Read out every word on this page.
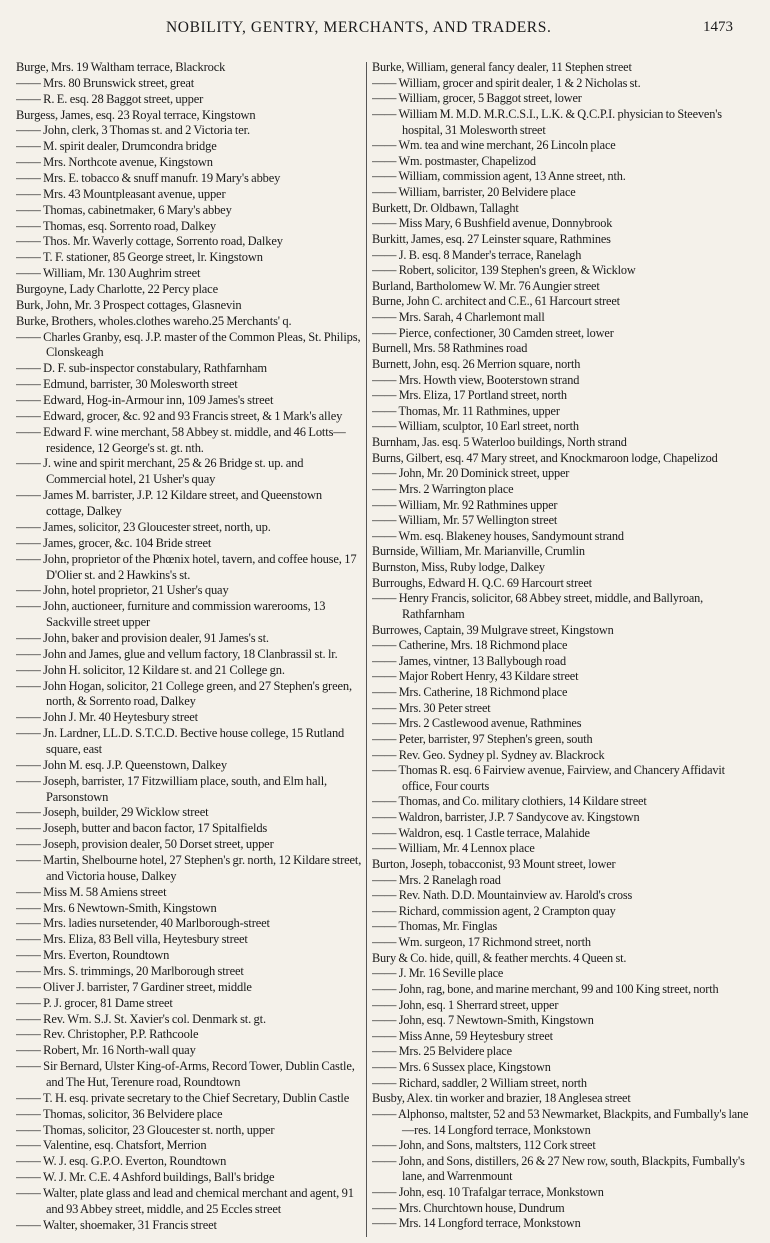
NOBILITY, GENTRY, MERCHANTS, AND TRADERS.	1473
Burge, Mrs. 19 Waltham terrace, Blackrock
—— Mrs. 80 Brunswick street, great
—— R. E. esq. 28 Baggot street, upper
Burgess, James, esq. 23 Royal terrace, Kingstown
—— John, clerk, 3 Thomas st. and 2 Victoria ter.
—— M. spirit dealer, Drumcondra bridge
—— Mrs. Northcote avenue, Kingstown
—— Mrs. E. tobacco & snuff manufr. 19 Mary's abbey
—— Mrs. 43 Mountpleasant avenue, upper
—— Thomas, cabinetmaker, 6 Mary's abbey
—— Thomas, esq. Sorrento road, Dalkey
—— Thos. Mr. Waverly cottage, Sorrento road, Dalkey
—— T. F. stationer, 85 George street, lr. Kingstown
—— William, Mr. 130 Aughrim street
Burgoyne, Lady Charlotte, 22 Percy place
Burk, John, Mr. 3 Prospect cottages, Glasnevin
Burke, Brothers, wholes.clothes wareho.25 Merchants' q.
—— Charles Granby, esq. J.P. master of the Common Pleas, St. Philips, Clonskeagh
—— D. F. sub-inspector constabulary, Rathfarnham
—— Edmund, barrister, 30 Molesworth street
—— Edward, Hog-in-Armour inn, 109 James's street
—— Edward, grocer, &c. 92 and 93 Francis street, & 1 Mark's alley
—— Edward F. wine merchant, 58 Abbey st. middle, and 46 Lotts—residence, 12 George's st. gt. nth.
—— J. wine and spirit merchant, 25 & 26 Bridge st. up. and Commercial hotel, 21 Usher's quay
—— James M. barrister, J.P. 12 Kildare street, and Queenstown cottage, Dalkey
—— James, solicitor, 23 Gloucester street, north, up.
—— James, grocer, &c. 104 Bride street
—— John, proprietor of the Phœnix hotel, tavern, and coffee house, 17 D'Olier st. and 2 Hawkins's st.
—— John, hotel proprietor, 21 Usher's quay
—— John, auctioneer, furniture and commission warerooms, 13 Sackville street upper
—— John, baker and provision dealer, 91 James's st.
—— John and James, glue and vellum factory, 18 Clanbrassil st. lr.
—— John H. solicitor, 12 Kildare st. and 21 College gn.
—— John Hogan, solicitor, 21 College green, and 27 Stephen's green, north, & Sorrento road, Dalkey
—— John J. Mr. 40 Heytesbury street
—— Jn. Lardner, LL.D. S.T.C.D. Bective house college, 15 Rutland square, east
—— John M. esq. J.P. Queenstown, Dalkey
—— Joseph, barrister, 17 Fitzwilliam place, south, and Elm hall, Parsonstown
—— Joseph, builder, 29 Wicklow street
—— Joseph, butter and bacon factor, 17 Spitalfields
—— Joseph, provision dealer, 50 Dorset street, upper
—— Martin, Shelbourne hotel, 27 Stephen's gr. north, 12 Kildare street, and Victoria house, Dalkey
—— Miss M. 58 Amiens street
—— Mrs. 6 Newtown-Smith, Kingstown
—— Mrs. ladies nursetender, 40 Marlborough-street
—— Mrs. Eliza, 83 Bell villa, Heytesbury street
—— Mrs. Everton, Roundtown
—— Mrs. S. trimmings, 20 Marlborough street
—— Oliver J. barrister, 7 Gardiner street, middle
—— P. J. grocer, 81 Dame street
—— Rev. Wm. S.J. St. Xavier's col. Denmark st. gt.
—— Rev. Christopher, P.P. Rathcoole
—— Robert, Mr. 16 North-wall quay
—— Sir Bernard, Ulster King-of-Arms, Record Tower, Dublin Castle, and The Hut, Terenure road, Roundtown
—— T. H. esq. private secretary to the Chief Secretary, Dublin Castle
—— Thomas, solicitor, 36 Belvidere place
—— Thomas, solicitor, 23 Gloucester st. north, upper
—— Valentine, esq. Chatsfort, Merrion
—— W. J. esq. G.P.O. Everton, Roundtown
—— W. J. Mr. C.E. 4 Ashford buildings, Ball's bridge
—— Walter, plate glass and lead and chemical merchant and agent, 91 and 93 Abbey street, middle, and 25 Eccles street
—— Walter, shoemaker, 31 Francis street
Burke, William, general fancy dealer, 11 Stephen street
—— William, grocer and spirit dealer, 1 & 2 Nicholas st.
—— William, grocer, 5 Baggot street, lower
—— William M. M.D. M.R.C.S.I., L.K. & Q.C.P.I. physician to Steeven's hospital, 31 Molesworth street
—— Wm. tea and wine merchant, 26 Lincoln place
—— Wm. postmaster, Chapelizod
—— William, commission agent, 13 Anne street, nth.
—— William, barrister, 20 Belvidere place
Burkett, Dr. Oldbawn, Tallaght
—— Miss Mary, 6 Bushfield avenue, Donnybrook
Burkitt, James, esq. 27 Leinster square, Rathmines
—— J. B. esq. 8 Mander's terrace, Ranelagh
—— Robert, solicitor, 139 Stephen's green, & Wicklow
Burland, Bartholomew W. Mr. 76 Aungier street
Burne, John C. architect and C.E., 61 Harcourt street
—— Mrs. Sarah, 4 Charlemont mall
—— Pierce, confectioner, 30 Camden street, lower
Burnell, Mrs. 58 Rathmines road
Burnett, John, esq. 26 Merrion square, north
—— Mrs. Howth view, Booterstown strand
—— Mrs. Eliza, 17 Portland street, north
—— Thomas, Mr. 11 Rathmines, upper
—— William, sculptor, 10 Earl street, north
Burnham, Jas. esq. 5 Waterloo buildings, North strand
Burns, Gilbert, esq. 47 Mary street, and Knockmaroon lodge, Chapelizod
—— John, Mr. 20 Dominick street, upper
—— Mrs. 2 Warrington place
—— William, Mr. 92 Rathmines upper
—— William, Mr. 57 Wellington street
—— Wm. esq. Blakeney houses, Sandymount strand
Burnside, William, Mr. Marianville, Crumlin
Burnston, Miss, Ruby lodge, Dalkey
Burroughs, Edward H. Q.C. 69 Harcourt street
—— Henry Francis, solicitor, 68 Abbey street, middle, and Ballyroan, Rathfarnham
Burrowes, Captain, 39 Mulgrave street, Kingstown
—— Catherine, Mrs. 18 Richmond place
—— James, vintner, 13 Ballybough road
—— Major Robert Henry, 43 Kildare street
—— Mrs. Catherine, 18 Richmond place
—— Mrs. 30 Peter street
—— Mrs. 2 Castlewood avenue, Rathmines
—— Peter, barrister, 97 Stephen's green, south
—— Rev. Geo. Sydney pl. Sydney av. Blackrock
—— Thomas R. esq. 6 Fairview avenue, Fairview, and Chancery Affidavit office, Four courts
—— Thomas, and Co. military clothiers, 14 Kildare street
—— Waldron, barrister, J.P. 7 Sandycove av. Kingstown
—— Waldron, esq. 1 Castle terrace, Malahide
—— William, Mr. 4 Lennox place
Burton, Joseph, tobacconist, 93 Mount street, lower
—— Mrs. 2 Ranelagh road
—— Rev. Nath. D.D. Mountainview av. Harold's cross
—— Richard, commission agent, 2 Crampton quay
—— Thomas, Mr. Finglas
—— Wm. surgeon, 17 Richmond street, north
Bury & Co. hide, quill, & feather merchts. 4 Queen st.
—— J. Mr. 16 Seville place
—— John, rag, bone, and marine merchant, 99 and 100 King street, north
—— John, esq. 1 Sherrard street, upper
—— John, esq. 7 Newtown-Smith, Kingstown
—— Miss Anne, 59 Heytesbury street
—— Mrs. 25 Belvidere place
—— Mrs. 6 Sussex place, Kingstown
—— Richard, saddler, 2 William street, north
Busby, Alex. tin worker and brazier, 18 Anglesea street
—— Alphonso, maltster, 52 and 53 Newmarket, Blackpits, and Fumbally's lane—res. 14 Longford terrace, Monkstown
—— John, and Sons, maltsters, 112 Cork street
—— John, and Sons, distillers, 26 & 27 New row, south, Blackpits, Fumbally's lane, and Warrenmount
—— John, esq. 10 Trafalgar terrace, Monkstown
—— Mrs. Churchtown house, Dundrum
—— Mrs. 14 Longford terrace, Monkstown
